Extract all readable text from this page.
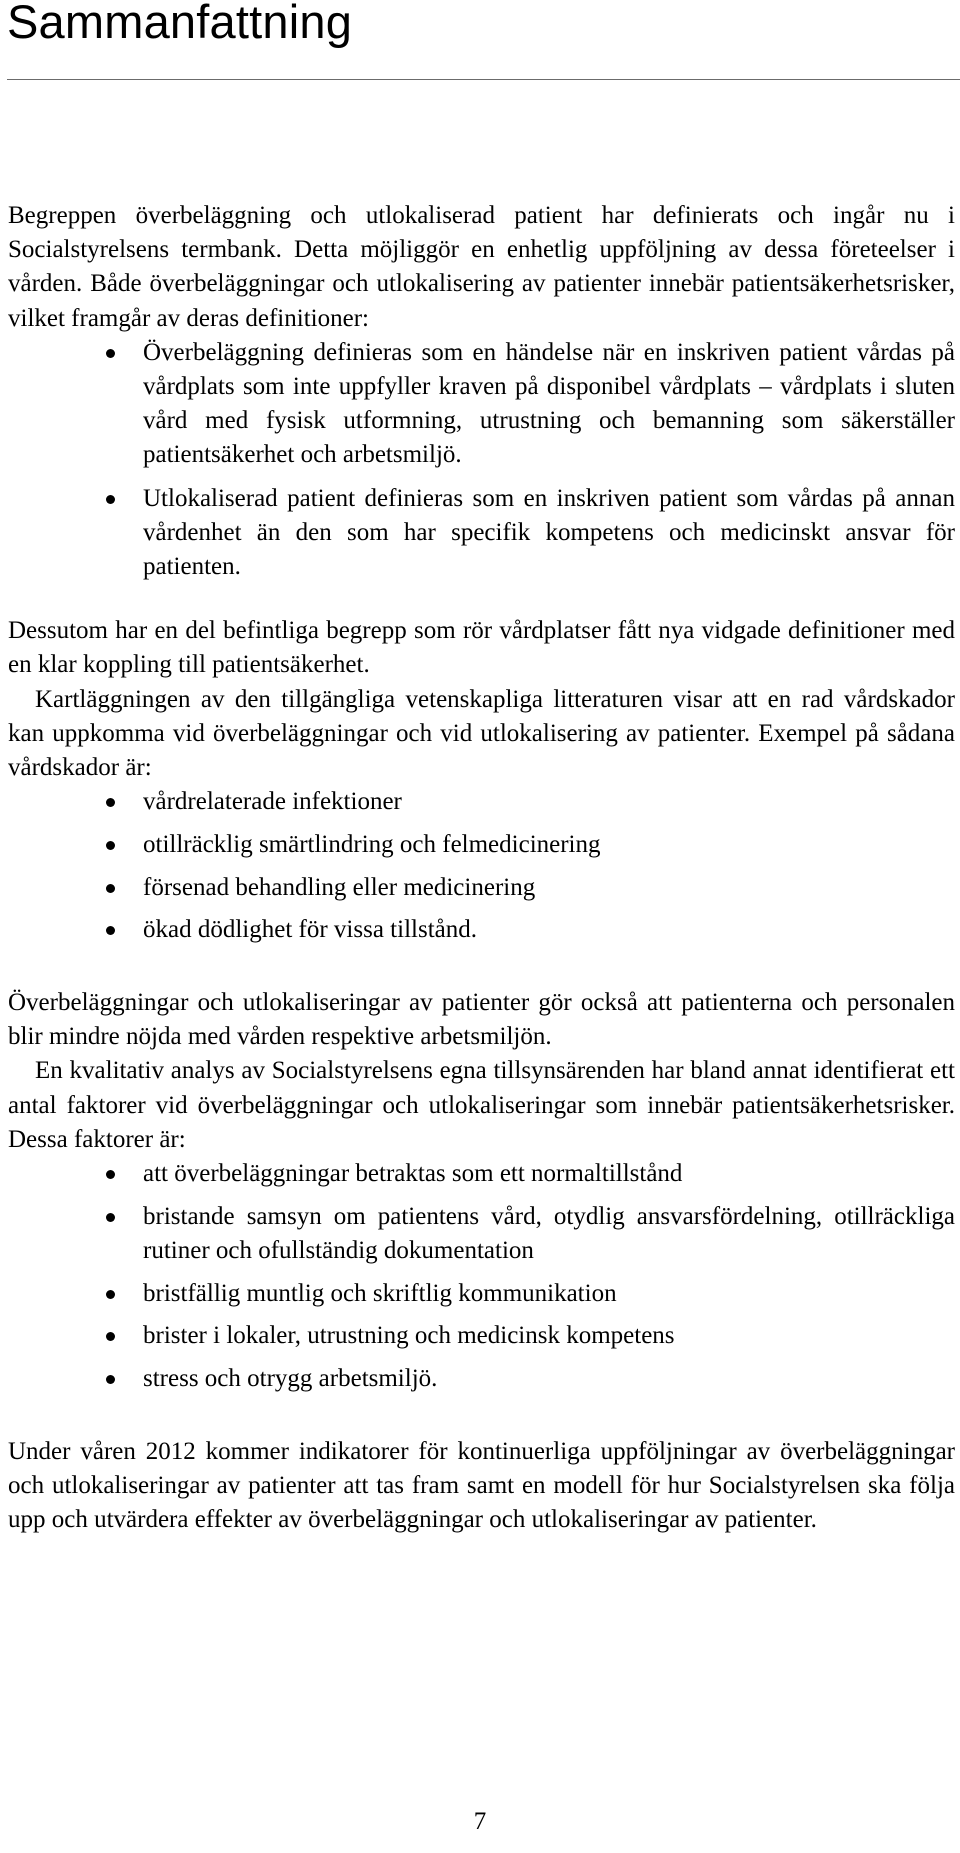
Sammanfattning

Begreppen överbeläggning och utlokaliserad patient har definierats och ingår nu i Socialstyrelsens termbank. Detta möjliggör en enhetlig uppföljning av dessa företeelser i vården. Både överbeläggningar och utlokalisering av patienter innebär patientsäkerhetsrisker, vilket framgår av deras definitioner:

Överbeläggning definieras som en händelse när en inskriven patient vårdas på vårdplats som inte uppfyller kraven på disponibel vårdplats – vårdplats i sluten vård med fysisk utformning, utrustning och bemanning som säkerställer patientsäkerhet och arbetsmiljö.
Utlokaliserad patient definieras som en inskriven patient som vårdas på annan vårdenhet än den som har specifik kompetens och medicinskt ansvar för patienten.

Dessutom har en del befintliga begrepp som rör vårdplatser fått nya vidgade definitioner med en klar koppling till patientsäkerhet.

Kartläggningen av den tillgängliga vetenskapliga litteraturen visar att en rad vårdskador kan uppkomma vid överbeläggningar och vid utlokalisering av patienter. Exempel på sådana vårdskador är:

vårdrelaterade infektioner
otillräcklig smärtlindring och felmedicinering
försenad behandling eller medicinering
ökad dödlighet för vissa tillstånd.

Överbeläggningar och utlokaliseringar av patienter gör också att patienterna och personalen blir mindre nöjda med vården respektive arbetsmiljön.

En kvalitativ analys av Socialstyrelsens egna tillsynsärenden har bland annat identifierat ett antal faktorer vid överbeläggningar och utlokaliseringar som innebär patientsäkerhetsrisker. Dessa faktorer är:

att överbeläggningar betraktas som ett normaltillstånd
bristande samsyn om patientens vård, otydlig ansvarsfördelning, otillräckliga rutiner och ofullständig dokumentation
bristfällig muntlig och skriftlig kommunikation
brister i lokaler, utrustning och medicinsk kompetens
stress och otrygg arbetsmiljö.

Under våren 2012 kommer indikatorer för kontinuerliga uppföljningar av överbeläggningar och utlokaliseringar av patienter att tas fram samt en modell för hur Socialstyrelsen ska följa upp och utvärdera effekter av överbeläggningar och utlokaliseringar av patienter.

7
